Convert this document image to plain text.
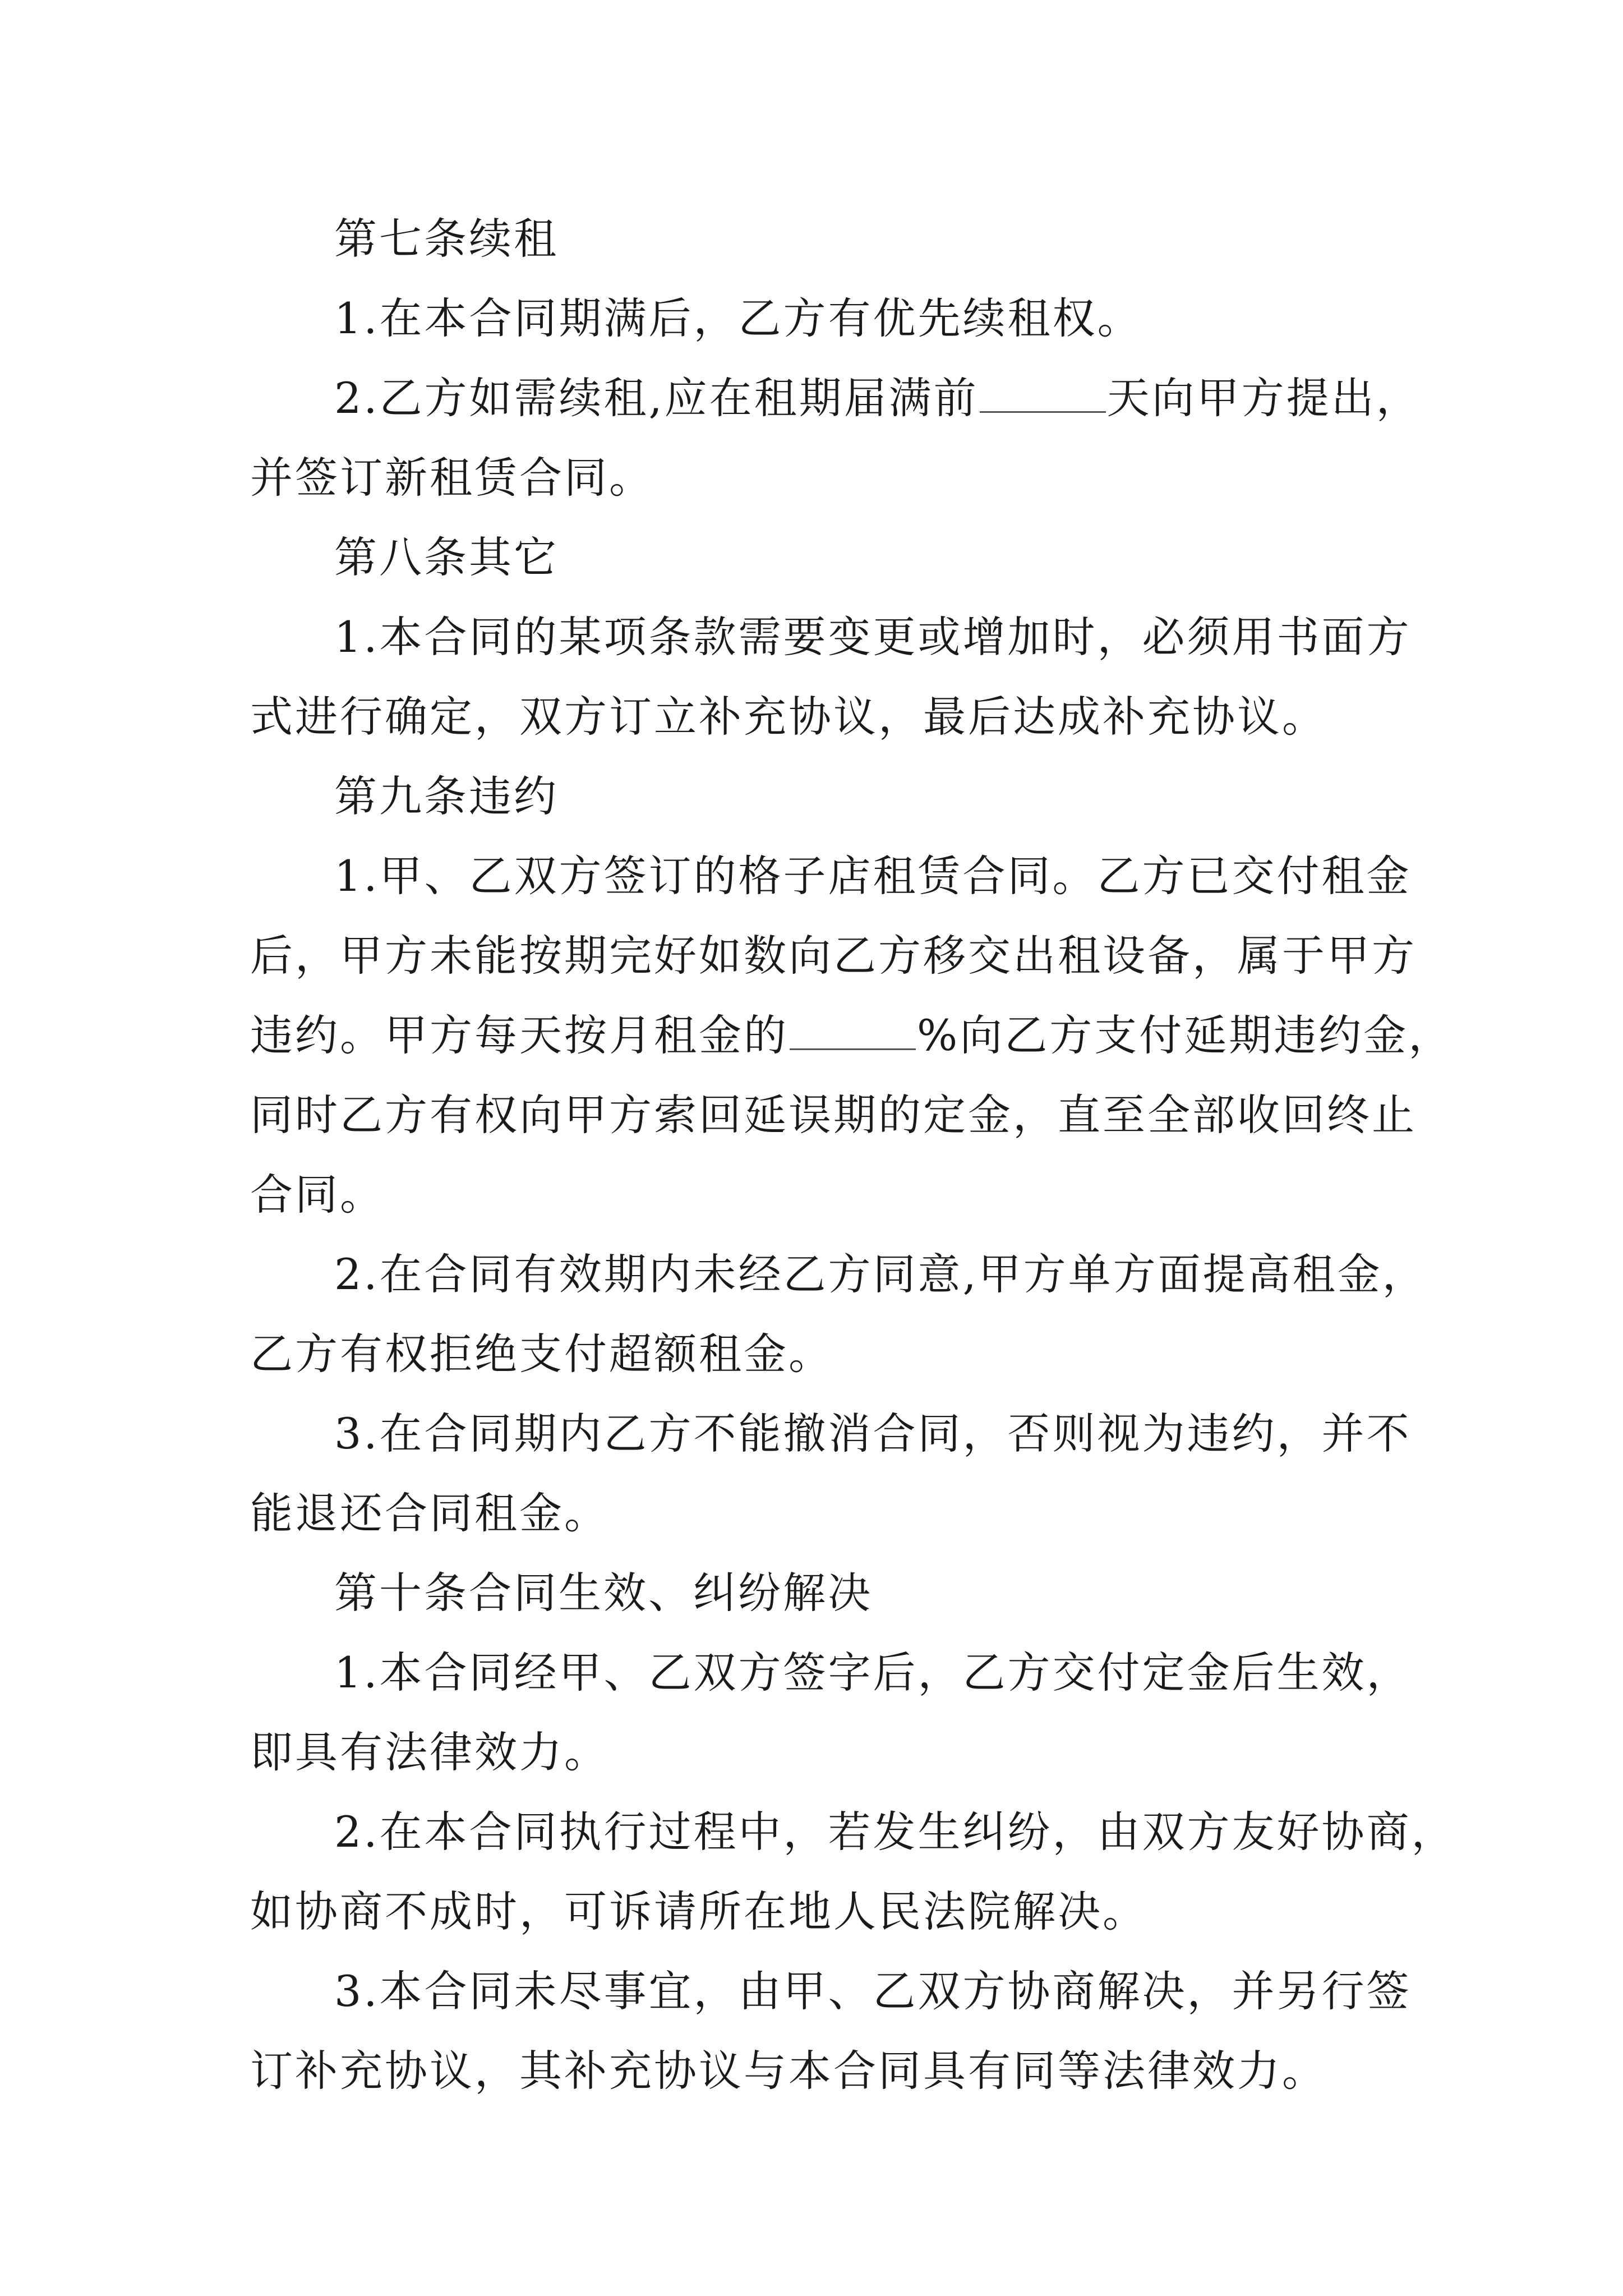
第七条续租
1.在本合同期满后，乙方有优先续租权。
2.乙方如需续租,应在租期届满前	天向甲方提出，
并签订新租赁合同。
第八条其它
1.本合同的某项条款需要变更或增加时，必须用书面方
式进行确定，双方订立补充协议，最后达成补充协议。
第九条违约
1.甲、乙双方签订的格子店租赁合同。乙方已交付租金
后，甲方未能按期完好如数向乙方移交出租设备，属于甲方
违约。甲方每天按月租金的	%向乙方支付延期违约金，
同时乙方有权向甲方索回延误期的定金，直至全部收回终止
合同。
2.在合同有效期内未经乙方同意,甲方单方面提高租金，
乙方有权拒绝支付超额租金。
3.在合同期内乙方不能撤消合同，否则视为违约，并不
能退还合同租金。
第十条合同生效、纠纷解决
1.本合同经甲、乙双方签字后，乙方交付定金后生效，
即具有法律效力。
2.在本合同执行过程中，若发生纠纷，由双方友好协商，
如协商不成时，可诉请所在地人民法院解决。
3.本合同未尽事宜，由甲、乙双方协商解决，并另行签
订补充协议，其补充协议与本合同具有同等法律效力。
